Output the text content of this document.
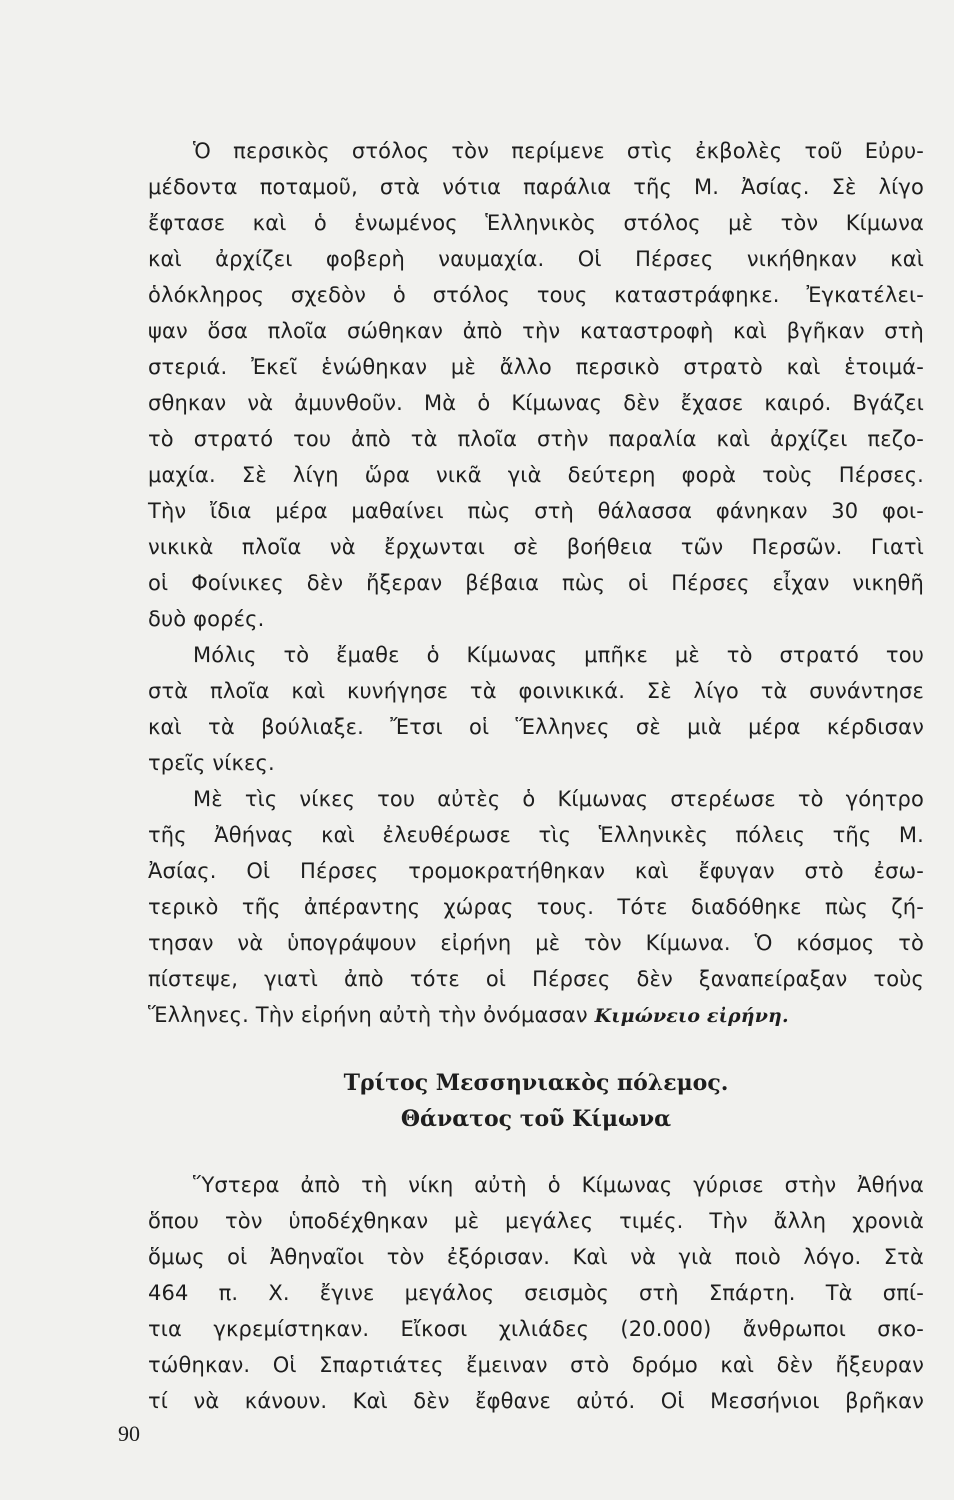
Ὁ περσικὸς στόλος τὸν περίμενε στὶς ἐκβολὲς τοῦ Εὐρυ-
μέδοντα ποταμοῦ, στὰ νότια παράλια τῆς Μ. Ἀσίας. Σὲ λίγο
ἔφτασε καὶ ὁ ἑνωμένος Ἑλληνικὸς στόλος μὲ τὸν Κίμωνα
καὶ ἀρχίζει φοβερὴ ναυμαχία. Οἱ Πέρσες νικήθηκαν καὶ
ὁλόκληρος σχεδὸν ὁ στόλος τους καταστράφηκε. Ἐγκατέλει-
ψαν ὅσα πλοῖα σώθηκαν ἀπὸ τὴν καταστροφὴ καὶ βγῆκαν στὴ
στεριά. Ἐκεῖ ἑνώθηκαν μὲ ἄλλο περσικὸ στρατὸ καὶ ἑτοιμά-
σθηκαν νὰ ἀμυνθοῦν. Μὰ ὁ Κίμωνας δὲν ἔχασε καιρό. Βγάζει
τὸ στρατό του ἀπὸ τὰ πλοῖα στὴν παραλία καὶ ἀρχίζει πεζο-
μαχία. Σὲ λίγη ὥρα νικᾶ γιὰ δεύτερη φορὰ τοὺς Πέρσες.
Τὴν ἴδια μέρα μαθαίνει πὼς στὴ θάλασσα φάνηκαν 30 φοι-
νικικὰ πλοῖα νὰ ἔρχωνται σὲ βοήθεια τῶν Περσῶν. Γιατὶ
οἱ Φοίνικες δὲν ἤξεραν βέβαια πὼς οἱ Πέρσες εἶχαν νικηθῆ
δυὸ φορές.
Μόλις τὸ ἔμαθε ὁ Κίμωνας μπῆκε μὲ τὸ στρατό του
στὰ πλοῖα καὶ κυνήγησε τὰ φοινικικά. Σὲ λίγο τὰ συνάντησε
καὶ τὰ βούλιαξε. Ἔτσι οἱ Ἕλληνες σὲ μιὰ μέρα κέρδισαν
τρεῖς νίκες.
Μὲ τὶς νίκες του αὐτὲς ὁ Κίμωνας στερέωσε τὸ γόητρο
τῆς Ἀθήνας καὶ ἐλευθέρωσε τὶς Ἑλληνικὲς πόλεις τῆς Μ.
Ἀσίας. Οἱ Πέρσες τρομοκρατήθηκαν καὶ ἔφυγαν στὸ ἐσω-
τερικὸ τῆς ἀπέραντης χώρας τους. Τότε διαδόθηκε πὼς ζή-
τησαν νὰ ὑπογράψουν εἰρήνη μὲ τὸν Κίμωνα. Ὁ κόσμος τὸ
πίστεψε, γιατὶ ἀπὸ τότε οἱ Πέρσες δὲν ξαναπείραξαν τοὺς
Ἕλληνες. Τὴν εἰρήνη αὐτὴ τὴν ὀνόμασαν Κιμώνειο εἰρήνη.
Τρίτος Μεσσηνιακὸς πόλεμος.
Θάνατος τοῦ Κίμωνα
Ὕστερα ἀπὸ τὴ νίκη αὐτὴ ὁ Κίμωνας γύρισε στὴν Ἀθήνα
ὅπου τὸν ὑποδέχθηκαν μὲ μεγάλες τιμές. Τὴν ἄλλη χρονιὰ
ὅμως οἱ Ἀθηναῖοι τὸν ἐξόρισαν. Καὶ νὰ γιὰ ποιὸ λόγο. Στὰ
464 π. Χ. ἔγινε μεγάλος σεισμὸς στὴ Σπάρτη. Τὰ σπί-
τια γκρεμίστηκαν. Εἴκοσι χιλιάδες (20.000) ἄνθρωποι σκο-
τώθηκαν. Οἱ Σπαρτιάτες ἔμειναν στὸ δρόμο καὶ δὲν ἤξευραν
τί νὰ κάνουν. Καὶ δὲν ἔφθανε αὐτό. Οἱ Μεσσήνιοι βρῆκαν
90
